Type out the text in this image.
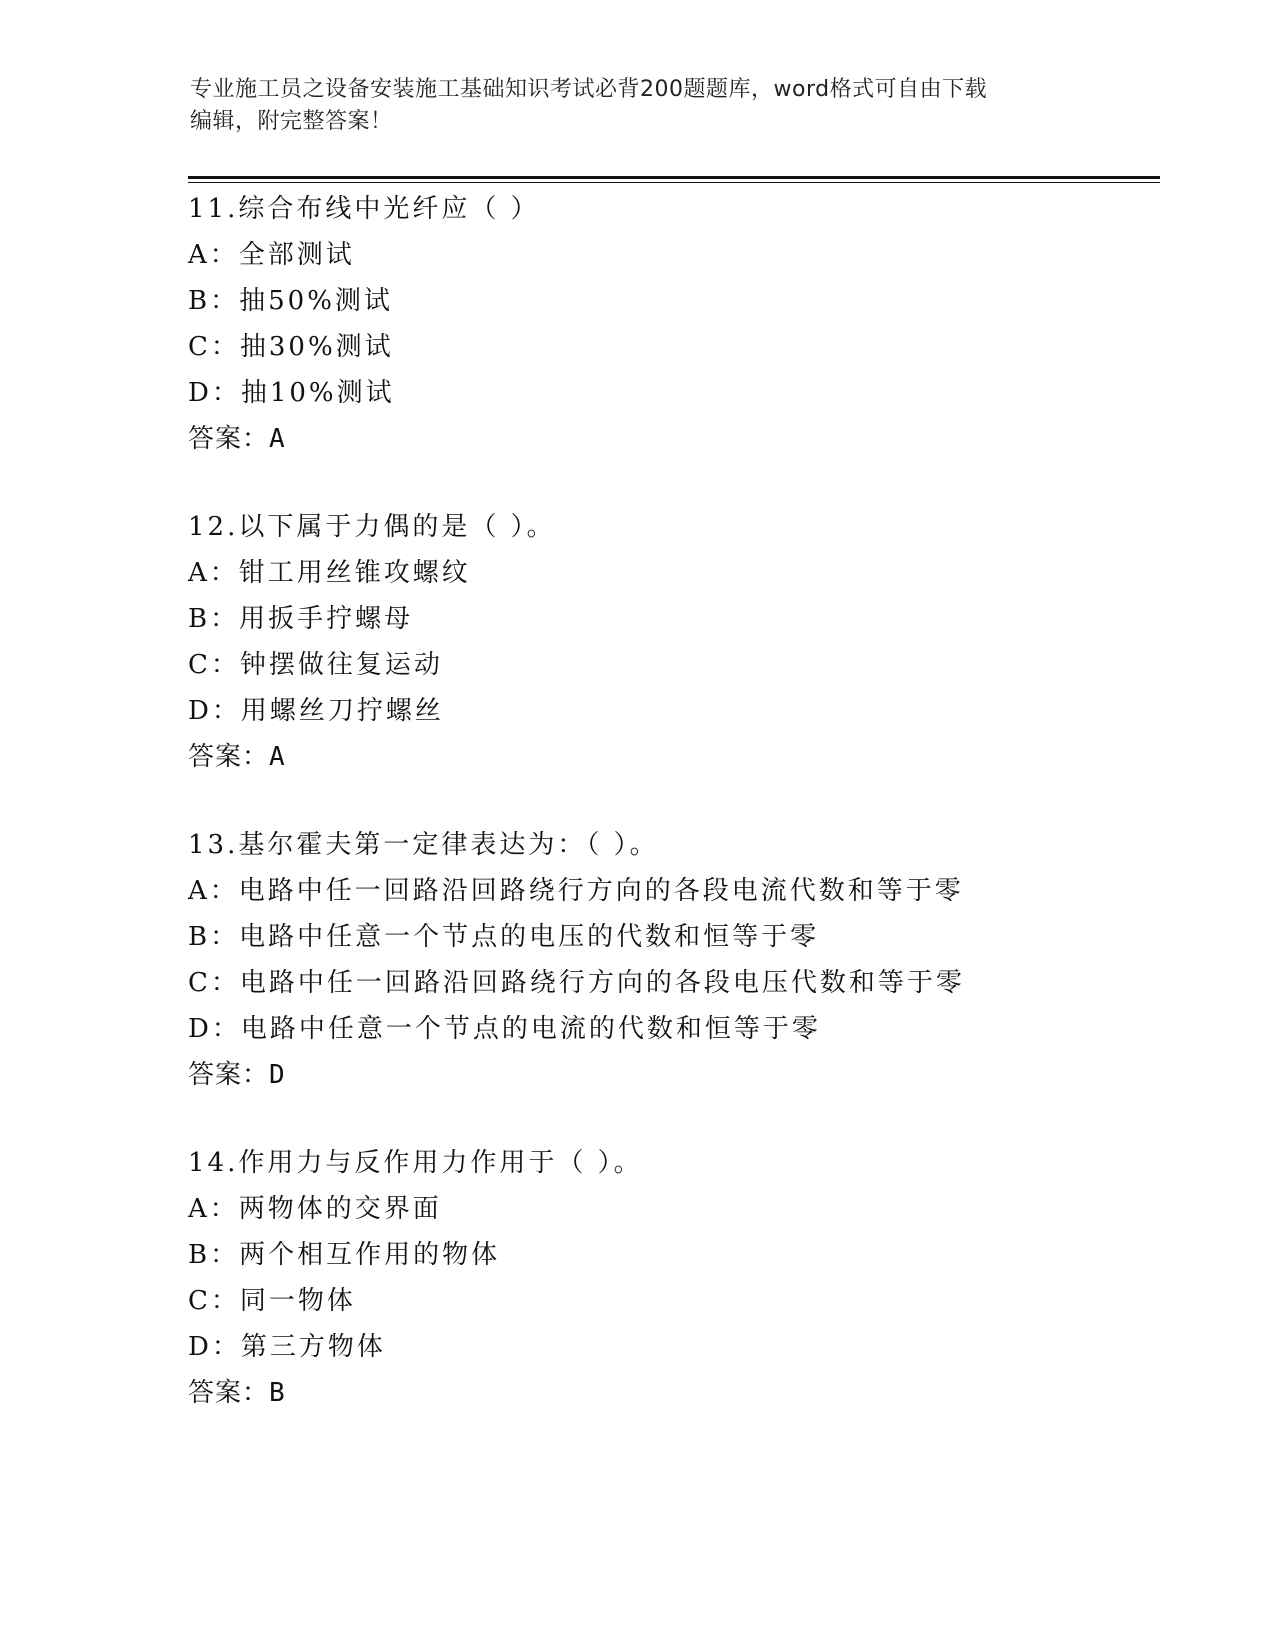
专业施工员之设备安装施工基础知识考试必背200题题库，word格式可自由下载
编辑，附完整答案！
11.综合布线中光纤应（ ）
A：全部测试
B：抽50%测试
C：抽30%测试
D：抽10%测试
答案：A
12.以下属于力偶的是（ ）。
A：钳工用丝锥攻螺纹
B：用扳手拧螺母
C：钟摆做往复运动
D：用螺丝刀拧螺丝
答案：A
13.基尔霍夫第一定律表达为：（ ）。
A：电路中任一回路沿回路绕行方向的各段电流代数和等于零
B：电路中任意一个节点的电压的代数和恒等于零
C：电路中任一回路沿回路绕行方向的各段电压代数和等于零
D：电路中任意一个节点的电流的代数和恒等于零
答案：D
14.作用力与反作用力作用于（ ）。
A：两物体的交界面
B：两个相互作用的物体
C：同一物体
D：第三方物体
答案：B
